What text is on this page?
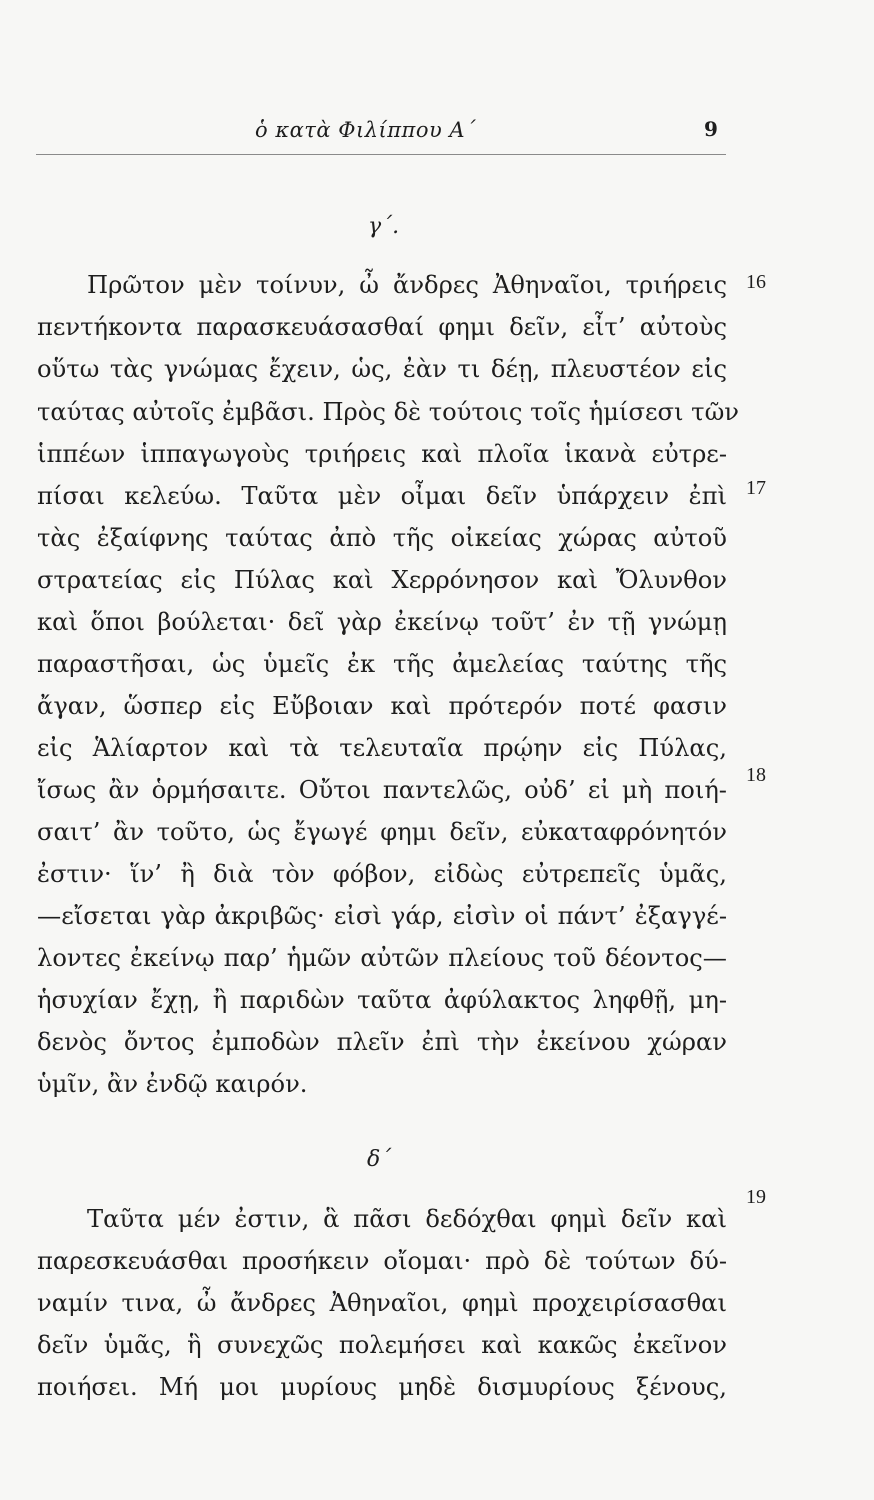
ὁ κατὰ Φιλίππου Α΄	9
γ΄.
Πρῶτον μὲν τοίνυν, ὦ ἄνδρες Ἀθηναῖοι, τριήρεις
πεντήκοντα παρασκευάσασθαί φημι δεῖν, εἶτ’ αὐτοὺς
οὕτω τὰς γνώμας ἔχειν, ὡς, ἐὰν τι δέῃ, πλευστέον εἰς
ταύτας αὐτοῖς ἐμβᾶσι. Πρὸς δὲ τούτοις τοῖς ἡμίσεσι τῶν
ἱππέων ἱππαγωγοὺς τριήρεις καὶ πλοῖα ἱκανὰ εὐτρε-
πίσαι κελεύω. Ταῦτα μὲν οἶμαι δεῖν ὑπάρχειν ἐπὶ
τὰς ἐξαίφνης ταύτας ἀπὸ τῆς οἰκείας χώρας αὐτοῦ
στρατείας εἰς Πύλας καὶ Χερρόνησον καὶ Ὄλυνθον
καὶ ὅποι βούλεται· δεῖ γὰρ ἐκείνῳ τοῦτ’ ἐν τῇ γνώμῃ
παραστῆσαι, ὡς ὑμεῖς ἐκ τῆς ἀμελείας ταύτης τῆς
ἄγαν, ὥσπερ εἰς Εὔβοιαν καὶ πρότερόν ποτέ φασιν
εἰς Ἁλίαρτον καὶ τὰ τελευταῖα πρῴην εἰς Πύλας,
ἴσως ἂν ὁρμήσαιτε. Οὔτοι παντελῶς, οὐδ’ εἰ μὴ ποιή-
σαιτ’ ἂν τοῦτο, ὡς ἔγωγέ φημι δεῖν, εὐκαταφρόνητόν
ἐστιν· ἵν’ ἢ διὰ τὸν φόβον, εἰδὼς εὐτρεπεῖς ὑμᾶς,
—εἴσεται γὰρ ἀκριβῶς· εἰσὶ γάρ, εἰσὶν οἱ πάντ’ ἐξαγγέ-
λοντες ἐκείνῳ παρ’ ἡμῶν αὐτῶν πλείους τοῦ δέοντος—
ἡσυχίαν ἔχῃ, ἢ παριδὼν ταῦτα ἀφύλακτος ληφθῇ, μη-
δενὸς ὄντος ἐμποδὼν πλεῖν ἐπὶ τὴν ἐκείνου χώραν
ὑμῖν, ἂν ἐνδῷ καιρόν.
δ΄
Ταῦτα μέν ἐστιν, ἃ πᾶσι δεδόχθαι φημὶ δεῖν καὶ
παρεσκευάσθαι προσήκειν οἴομαι· πρὸ δὲ τούτων δύ-
ναμίν τινα, ὦ ἄνδρες Ἀθηναῖοι, φημὶ προχειρίσασθαι
δεῖν ὑμᾶς, ἣ συνεχῶς πολεμήσει καὶ κακῶς ἐκεῖνον
ποιήσει. Μή μοι μυρίους μηδὲ δισμυρίους ξένους,
16
17
18
19
